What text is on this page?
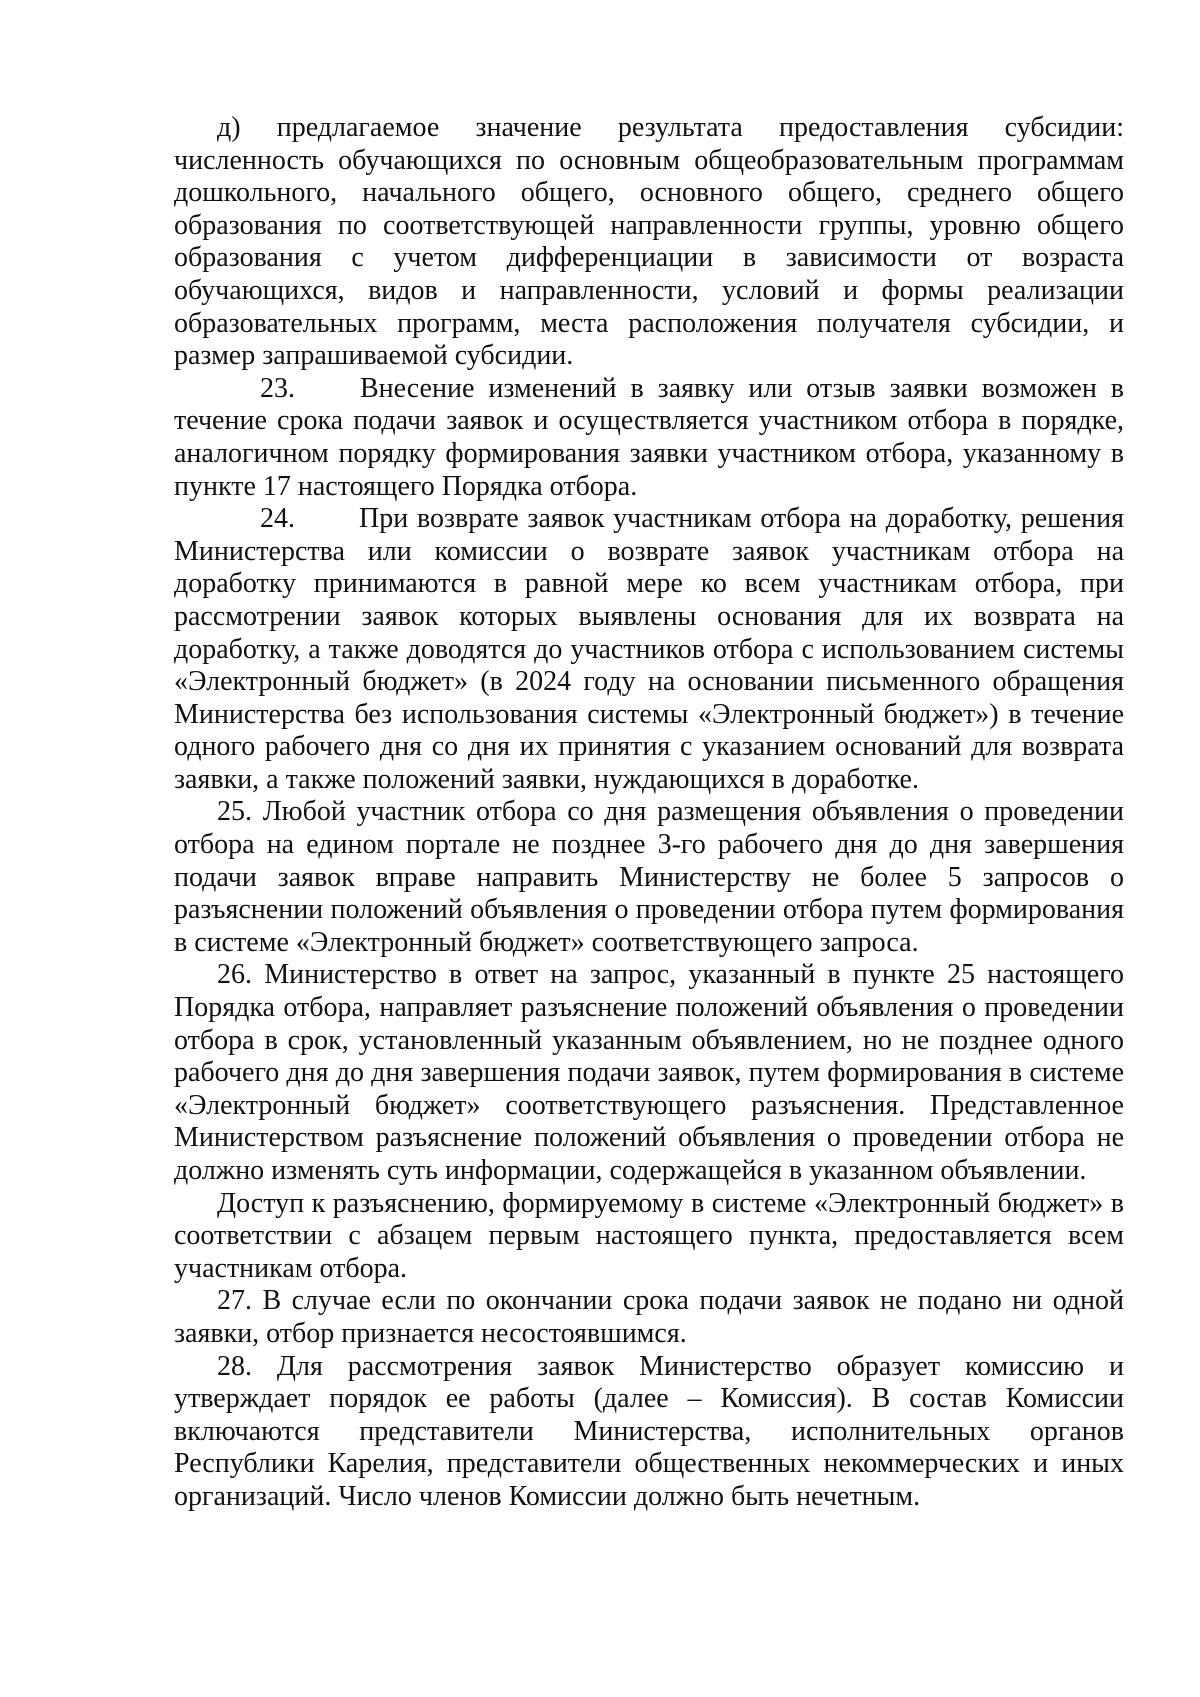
д) предлагаемое значение результата предоставления субсидии: численность обучающихся по основным общеобразовательным программам дошкольного, начального общего, основного общего, среднего общего образования по соответствующей направленности группы, уровню общего образования с учетом дифференциации в зависимости от возраста обучающихся, видов и направленности, условий и формы реализации образовательных программ, места расположения получателя субсидии, и размер запрашиваемой субсидии.

23. Внесение изменений в заявку или отзыв заявки возможен в течение срока подачи заявок и осуществляется участником отбора в порядке, аналогичном порядку формирования заявки участником отбора, указанному в пункте 17 настоящего Порядка отбора.

24. При возврате заявок участникам отбора на доработку, решения Министерства или комиссии о возврате заявок участникам отбора на доработку принимаются в равной мере ко всем участникам отбора, при рассмотрении заявок которых выявлены основания для их возврата на доработку, а также доводятся до участников отбора с использованием системы «Электронный бюджет» (в 2024 году на основании письменного обращения Министерства без использования системы «Электронный бюджет») в течение одного рабочего дня со дня их принятия с указанием оснований для возврата заявки, а также положений заявки, нуждающихся в доработке.

25. Любой участник отбора со дня размещения объявления о проведении отбора на едином портале не позднее 3-го рабочего дня до дня завершения подачи заявок вправе направить Министерству не более 5 запросов о разъяснении положений объявления о проведении отбора путем формирования в системе «Электронный бюджет» соответствующего запроса.

26. Министерство в ответ на запрос, указанный в пункте 25 настоящего Порядка отбора, направляет разъяснение положений объявления о проведении отбора в срок, установленный указанным объявлением, но не позднее одного рабочего дня до дня завершения подачи заявок, путем формирования в системе «Электронный бюджет» соответствующего разъяснения. Представленное Министерством разъяснение положений объявления о проведении отбора не должно изменять суть информации, содержащейся в указанном объявлении.

Доступ к разъяснению, формируемому в системе «Электронный бюджет» в соответствии с абзацем первым настоящего пункта, предоставляется всем участникам отбора.

27. В случае если по окончании срока подачи заявок не подано ни одной заявки, отбор признается несостоявшимся.

28. Для рассмотрения заявок Министерство образует комиссию и утверждает порядок ее работы (далее – Комиссия). В состав Комиссии включаются представители Министерства, исполнительных органов Республики Карелия, представители общественных некоммерческих и иных организаций. Число членов Комиссии должно быть нечетным.
